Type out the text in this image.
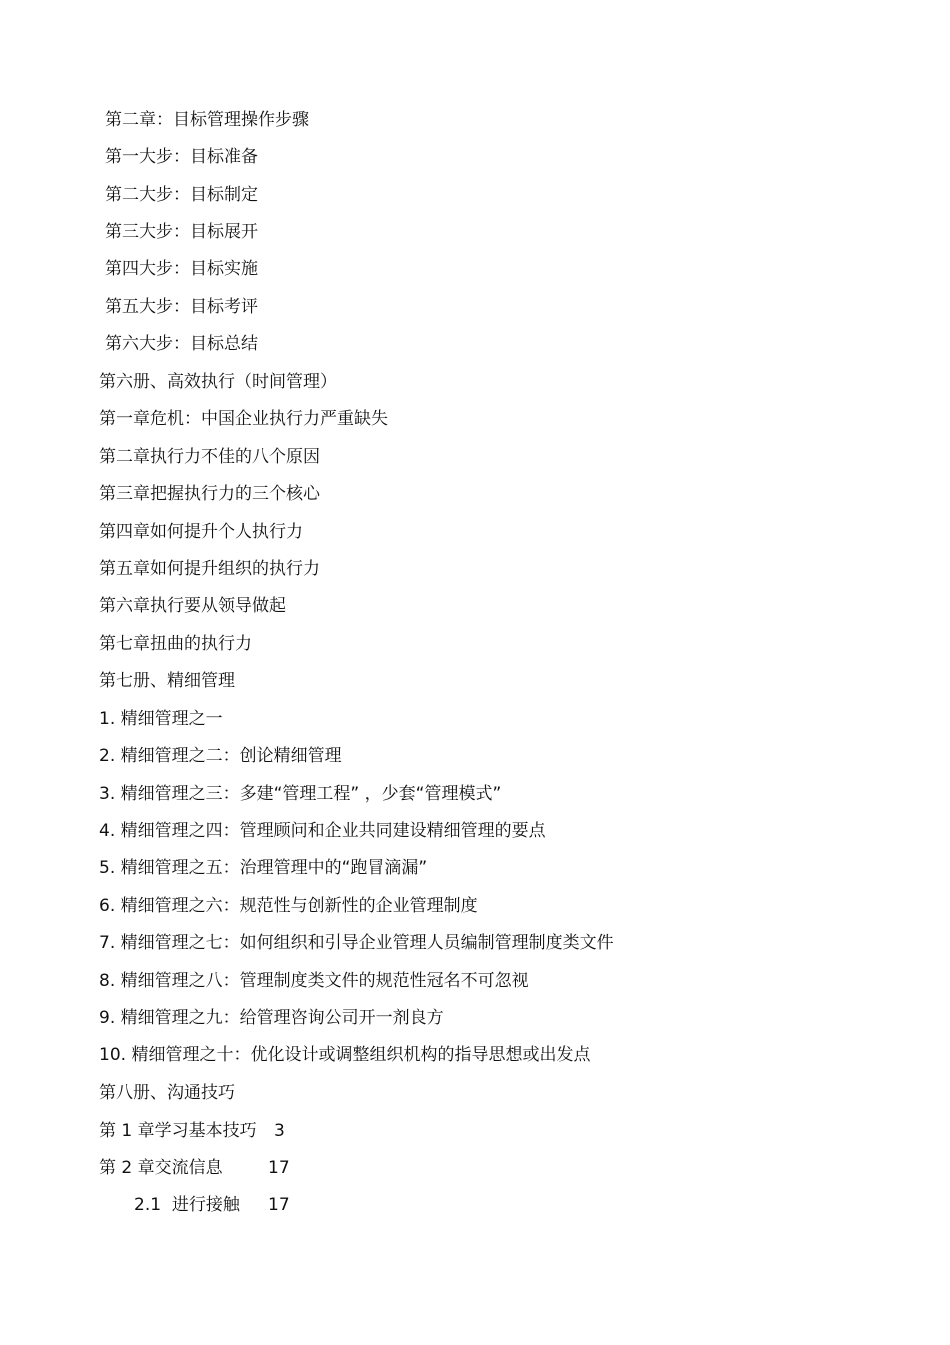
第二章：目标管理操作步骤
第一大步：目标准备
第二大步：目标制定
第三大步：目标展开
第四大步：目标实施
第五大步：目标考评
第六大步：目标总结
第六册、高效执行（时间管理）
第一章危机：中国企业执行力严重缺失
第二章执行力不佳的八个原因
第三章把握执行力的三个核心
第四章如何提升个人执行力
第五章如何提升组织的执行力
第六章执行要从领导做起
第七章扭曲的执行力
第七册、精细管理
1. 精细管理之一
2. 精细管理之二：创论精细管理
3. 精细管理之三：多建“管理工程” ，少套“管理模式”
4. 精细管理之四：管理顾问和企业共同建设精细管理的要点
5. 精细管理之五：治理管理中的“跑冒滴漏”
6. 精细管理之六：规范性与创新性的企业管理制度
7. 精细管理之七：如何组织和引导企业管理人员编制管理制度类文件
8. 精细管理之八：管理制度类文件的规范性冠名不可忽视
9. 精细管理之九：给管理咨询公司开一剂良方
10. 精细管理之十：优化设计或调整组织机构的指导思想或出发点
第八册、沟通技巧
第 1 章学习基本技巧 3
第 2 章交流信息	17
2.1  进行接触 17
